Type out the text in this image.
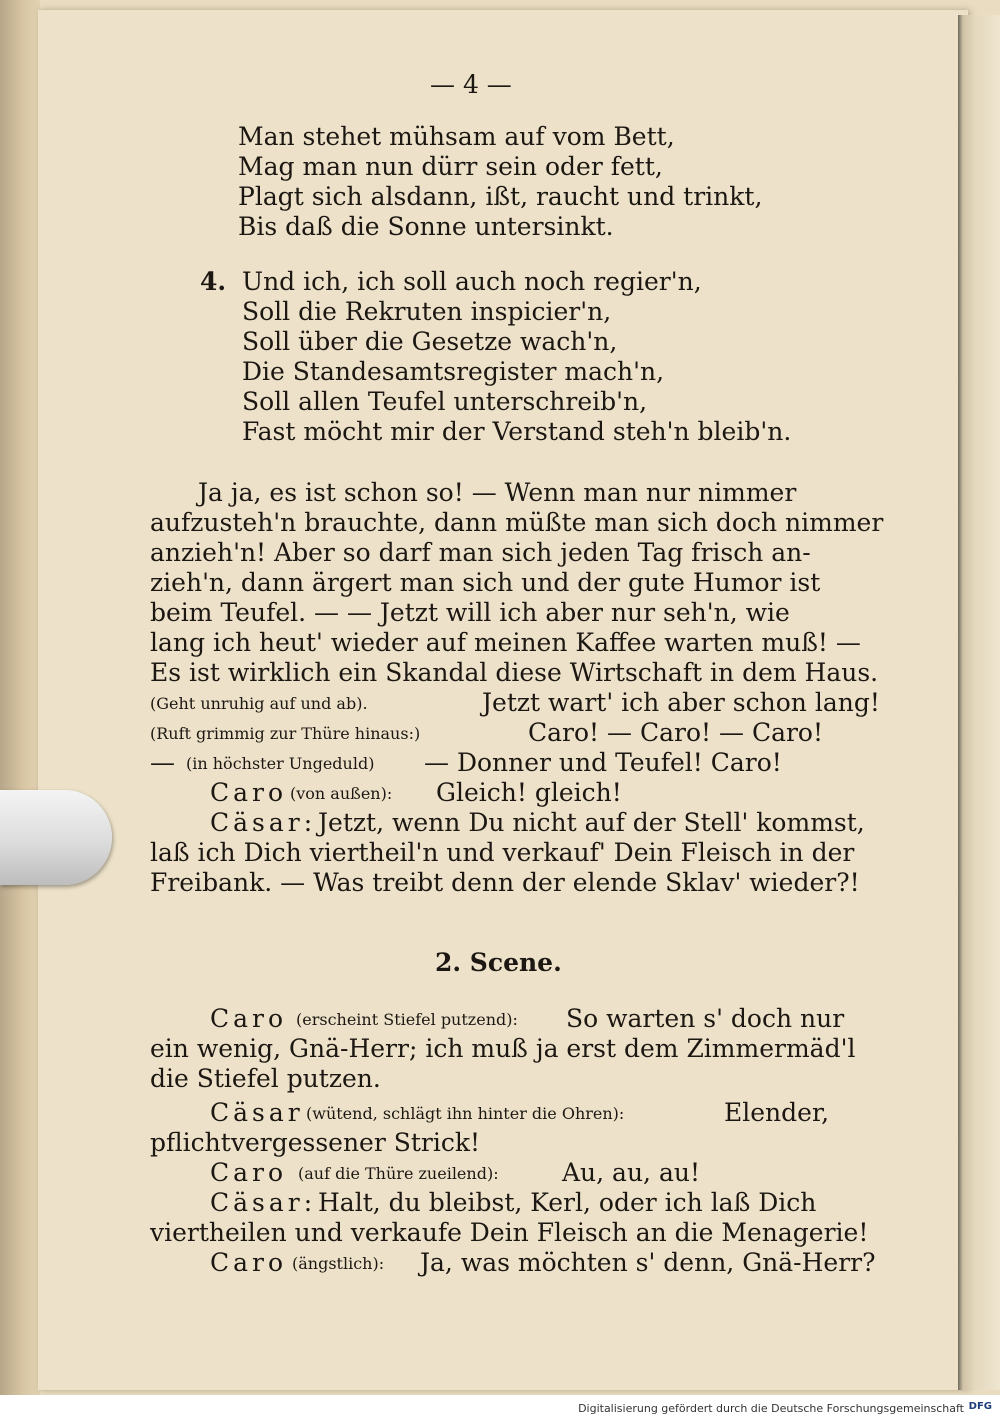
— 4 —
Man stehet mühsam auf vom Bett,
Mag man nun dürr sein oder fett,
Plagt sich alsdann, ißt, raucht und trinkt,
Bis daß die Sonne untersinkt.
4. Und ich, ich soll auch noch regier'n,
Soll die Rekruten inspicier'n,
Soll über die Gesetze wach'n,
Die Standesamtsregister mach'n,
Soll allen Teufel unterschreib'n,
Fast möcht mir der Verstand steh'n bleib'n.
Ja ja, es ist schon so! — Wenn man nur nimmer
aufzusteh'n brauchte, dann müßte man sich doch nimmer
anzieh'n! Aber so darf man sich jeden Tag frisch an-
zieh'n, dann ärgert man sich und der gute Humor ist
beim Teufel. — — Jetzt will ich aber nur seh'n, wie
lang ich heut' wieder auf meinen Kaffee warten muß! —
Es ist wirklich ein Skandal diese Wirtschaft in dem Haus.
(Geht unruhig auf und ab).	Jetzt wart' ich aber schon lang!
(Ruft grimmig zur Thüre hinaus:)	Caro! — Caro! — Caro!
— (in höchster Ungeduld) — Donner und Teufel! Caro!
Caro (von außen): Gleich! gleich!
Cäsar: Jetzt, wenn Du nicht auf der Stell' kommst,
laß ich Dich viertheil'n und verkauf' Dein Fleisch in der
Freibank. — Was treibt denn der elende Sklav' wieder?!
2. Scene.
Caro (erscheint Stiefel putzend): So warten s' doch nur
ein wenig, Gnä-Herr; ich muß ja erst dem Zimmermäd'l
die Stiefel putzen.
Cäsar (wütend, schlägt ihn hinter die Ohren):	Elender,
pflichtvergessener Strick!
Caro (auf die Thüre zueilend):	Au, au, au!
Cäsar: Halt, du bleibst, Kerl, oder ich laß Dich
viertheilen und verkaufe Dein Fleisch an die Menagerie!
Caro (ängstlich): Ja, was möchten s' denn, Gnä-Herr?
Digitalisierung gefördert durch die Deutsche Forschungsgemeinschaft DFG
